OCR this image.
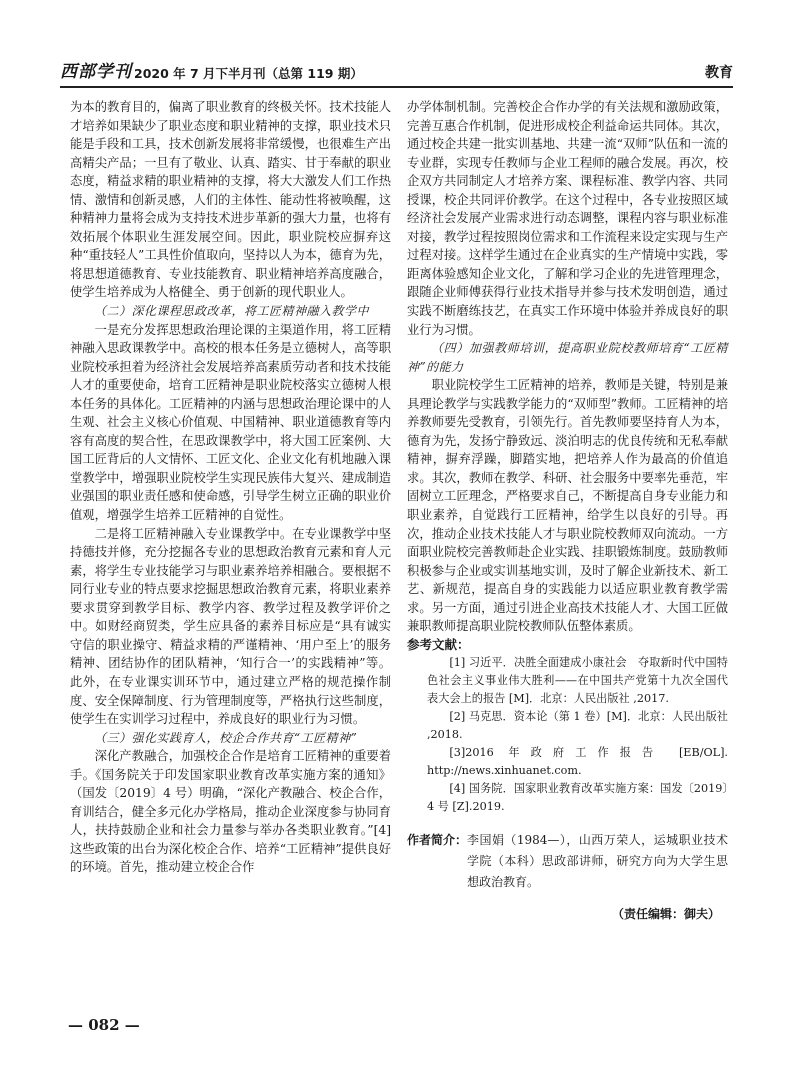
西部学刊 2020 年 7 月下半月刊（总第 119 期）	教育

为本的教育目的，偏离了职业教育的终极关怀。技术技能人才培养如果缺少了职业态度和职业精神的支撑，职业技术只能是手段和工具，技术创新发展将非常缓慢，也很难生产出高精尖产品；一旦有了敬业、认真、踏实、甘于奉献的职业态度，精益求精的职业精神的支撑，将大大激发人们工作热情、激情和创新灵感，人们的主体性、能动性将被唤醒，这种精神力量将会成为支持技术进步革新的强大力量，也将有效拓展个体职业生涯发展空间。因此，职业院校应摒弃这种“重技轻人”工具性价值取向，坚持以人为本，德育为先，将思想道德教育、专业技能教育、职业精神培养高度融合，使学生培养成为人格健全、勇于创新的现代职业人。

（二）深化课程思政改革，将工匠精神融入教学中

一是充分发挥思想政治理论课的主渠道作用，将工匠精神融入思政课教学中。高校的根本任务是立德树人，高等职业院校承担着为经济社会发展培养高素质劳动者和技术技能人才的重要使命，培育工匠精神是职业院校落实立德树人根本任务的具体化。工匠精神的内涵与思想政治理论课中的人生观、社会主义核心价值观、中国精神、职业道德教育等内容有高度的契合性，在思政课教学中，将大国工匠案例、大国工匠背后的人文情怀、工匠文化、企业文化有机地融入课堂教学中，增强职业院校学生实现民族伟大复兴、建成制造业强国的职业责任感和使命感，引导学生树立正确的职业价值观，增强学生培养工匠精神的自觉性。

二是将工匠精神融入专业课教学中。在专业课教学中坚持德技并修，充分挖掘各专业的思想政治教育元素和育人元素，将学生专业技能学习与职业素养培养相融合。要根据不同行业专业的特点要求挖掘思想政治教育元素，将职业素养要求贯穿到教学目标、教学内容、教学过程及教学评价之中。如财经商贸类，学生应具备的素养目标应是“具有诚实守信的职业操守、精益求精的严谨精神、‘用户至上’的服务精神、团结协作的团队精神，‘知行合一’的实践精神”等。此外，在专业课实训环节中，通过建立严格的规范操作制度、安全保障制度、行为管理制度等，严格执行这些制度，使学生在实训学习过程中，养成良好的职业行为习惯。

（三）强化实践育人，校企合作共育“工匠精神”

深化产教融合，加强校企合作是培育工匠精神的重要着手。《国务院关于印发国家职业教育改革实施方案的通知》（国发〔2019〕4 号）明确，“深化产教融合、校企合作，育训结合，健全多元化办学格局，推动企业深度参与协同育人，扶持鼓励企业和社会力量参与举办各类职业教育。”[4] 这些政策的出台为深化校企合作、培养“工匠精神”提供良好的环境。首先，推动建立校企合作

办学体制机制。完善校企合作办学的有关法规和激励政策，完善互惠合作机制，促进形成校企利益命运共同体。其次，通过校企共建一批实训基地、共建一流“双师”队伍和一流的专业群，实现专任教师与企业工程师的融合发展。再次，校企双方共同制定人才培养方案、课程标准、教学内容、共同授课，校企共同评价教学。在这个过程中，各专业按照区域经济社会发展产业需求进行动态调整，课程内容与职业标准对接，教学过程按照岗位需求和工作流程来设定实现与生产过程对接。这样学生通过在企业真实的生产情境中实践，零距离体验感知企业文化，了解和学习企业的先进管理理念，跟随企业师傅获得行业技术指导并参与技术发明创造，通过实践不断磨练技艺，在真实工作环境中体验并养成良好的职业行为习惯。

（四）加强教师培训，提高职业院校教师培育“工匠精神”的能力

职业院校学生工匠精神的培养，教师是关键，特别是兼具理论教学与实践教学能力的“双师型”教师。工匠精神的培养教师要先受教育，引领先行。首先教师要坚持育人为本，德育为先，发扬宁静致远、淡泊明志的优良传统和无私奉献精神，摒弃浮躁，脚踏实地，把培养人作为最高的价值追求。其次，教师在教学、科研、社会服务中要率先垂范，牢固树立工匠理念，严格要求自己，不断提高自身专业能力和职业素养，自觉践行工匠精神，给学生以良好的引导。再次，推动企业技术技能人才与职业院校教师双向流动。一方面职业院校完善教师赴企业实践、挂职锻炼制度。鼓励教师积极参与企业或实训基地实训，及时了解企业新技术、新工艺、新规范，提高自身的实践能力以适应职业教育教学需求。另一方面，通过引进企业高技术技能人才、大国工匠做兼职教师提高职业院校教师队伍整体素质。

参考文献：

[1] 习近平．决胜全面建成小康社会　夺取新时代中国特色社会主义事业伟大胜利——在中国共产党第十九次全国代表大会上的报告 [M]．北京：人民出版社 ,2017.

[2] 马克思．资本论（第 1 卷）[M]．北京：人民出版社 ,2018.

[3]2016 年政府工作报告 [EB/OL]. http://news.xinhuanet.com.

[4] 国务院．国家职业教育改革实施方案：国发〔2019〕4 号 [Z].2019.

作者简介： 李国娟（1984—），山西万荣人，运城职业技术学院（本科）思政部讲师，研究方向为大学生思想政治教育。
（责任编辑：御夫）
— 082 —
